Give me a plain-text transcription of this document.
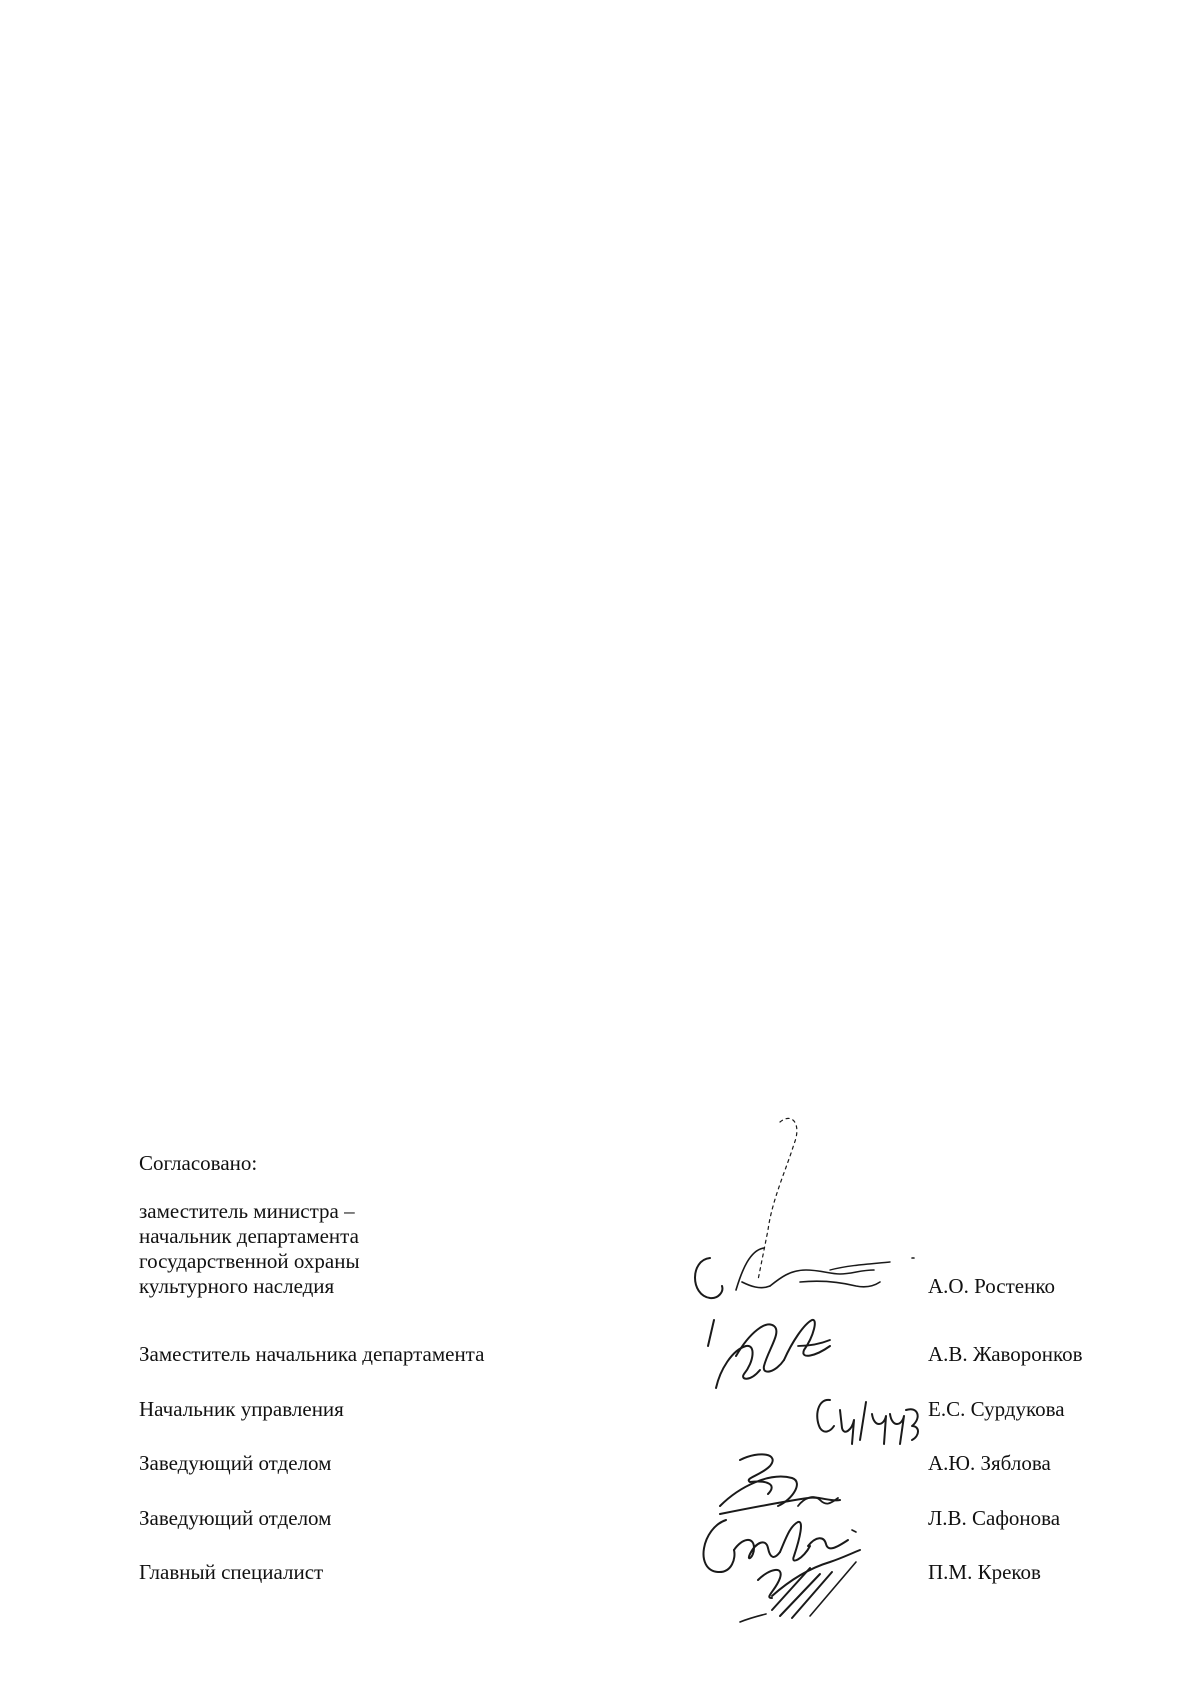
Согласовано:
заместитель министра –
начальник департамента
государственной охраны
культурного наследия	А.О. Ростенко
Заместитель начальника департамента	А.В. Жаворонков
Начальник управления	Е.С. Сурдукова
Заведующий отделом	А.Ю. Зяблова
Заведующий отделом	Л.В. Сафонова
Главный специалист	П.М. Креков
